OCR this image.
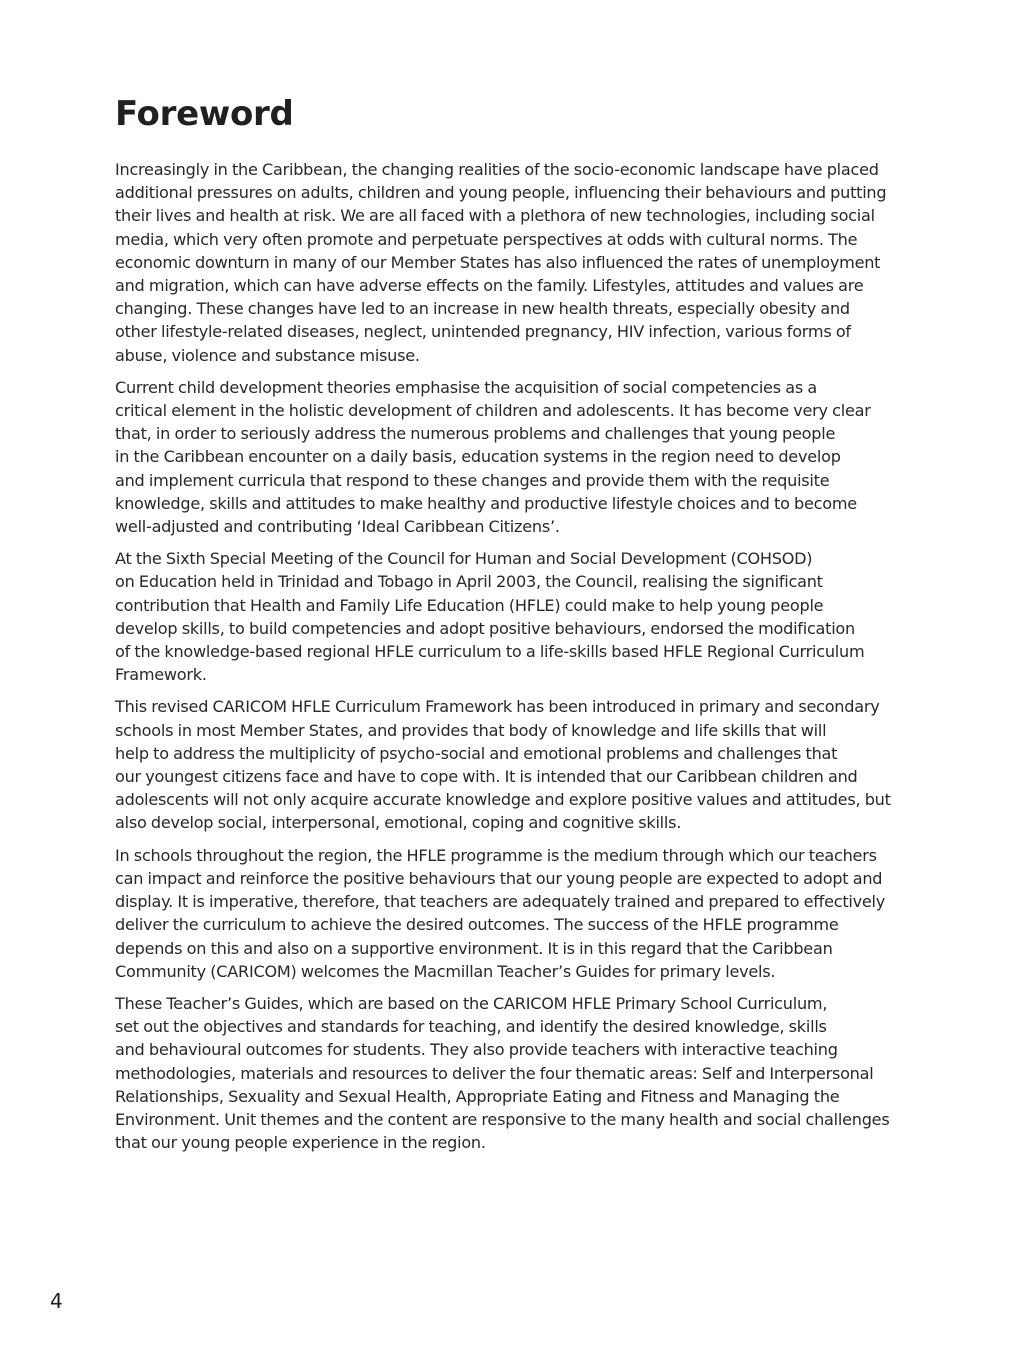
Foreword

Increasingly in the Caribbean, the changing realities of the socio-economic landscape have placed
additional pressures on adults, children and young people, influencing their behaviours and putting
their lives and health at risk. We are all faced with a plethora of new technologies, including social
media, which very often promote and perpetuate perspectives at odds with cultural norms. The
economic downturn in many of our Member States has also influenced the rates of unemployment
and migration, which can have adverse effects on the family. Lifestyles, attitudes and values are
changing. These changes have led to an increase in new health threats, especially obesity and
other lifestyle-related diseases, neglect, unintended pregnancy, HIV infection, various forms of
abuse, violence and substance misuse.

Current child development theories emphasise the acquisition of social competencies as a
critical element in the holistic development of children and adolescents. It has become very clear
that, in order to seriously address the numerous problems and challenges that young people
in the Caribbean encounter on a daily basis, education systems in the region need to develop
and implement curricula that respond to these changes and provide them with the requisite
knowledge, skills and attitudes to make healthy and productive lifestyle choices and to become
well-adjusted and contributing ‘Ideal Caribbean Citizens’.

At the Sixth Special Meeting of the Council for Human and Social Development (COHSOD)
on Education held in Trinidad and Tobago in April 2003, the Council, realising the significant
contribution that Health and Family Life Education (HFLE) could make to help young people
develop skills, to build competencies and adopt positive behaviours, endorsed the modification
of the knowledge-based regional HFLE curriculum to a life-skills based HFLE Regional Curriculum
Framework.

This revised CARICOM HFLE Curriculum Framework has been introduced in primary and secondary
schools in most Member States, and provides that body of knowledge and life skills that will
help to address the multiplicity of psycho-social and emotional problems and challenges that
our youngest citizens face and have to cope with. It is intended that our Caribbean children and
adolescents will not only acquire accurate knowledge and explore positive values and attitudes, but
also develop social, interpersonal, emotional, coping and cognitive skills.

In schools throughout the region, the HFLE programme is the medium through which our teachers
can impact and reinforce the positive behaviours that our young people are expected to adopt and
display. It is imperative, therefore, that teachers are adequately trained and prepared to effectively
deliver the curriculum to achieve the desired outcomes. The success of the HFLE programme
depends on this and also on a supportive environment. It is in this regard that the Caribbean
Community (CARICOM) welcomes the Macmillan Teacher’s Guides for primary levels.

These Teacher’s Guides, which are based on the CARICOM HFLE Primary School Curriculum,
set out the objectives and standards for teaching, and identify the desired knowledge, skills
and behavioural outcomes for students. They also provide teachers with interactive teaching
methodologies, materials and resources to deliver the four thematic areas: Self and Interpersonal
Relationships, Sexuality and Sexual Health, Appropriate Eating and Fitness and Managing the
Environment. Unit themes and the content are responsive to the many health and social challenges
that our young people experience in the region.

4
